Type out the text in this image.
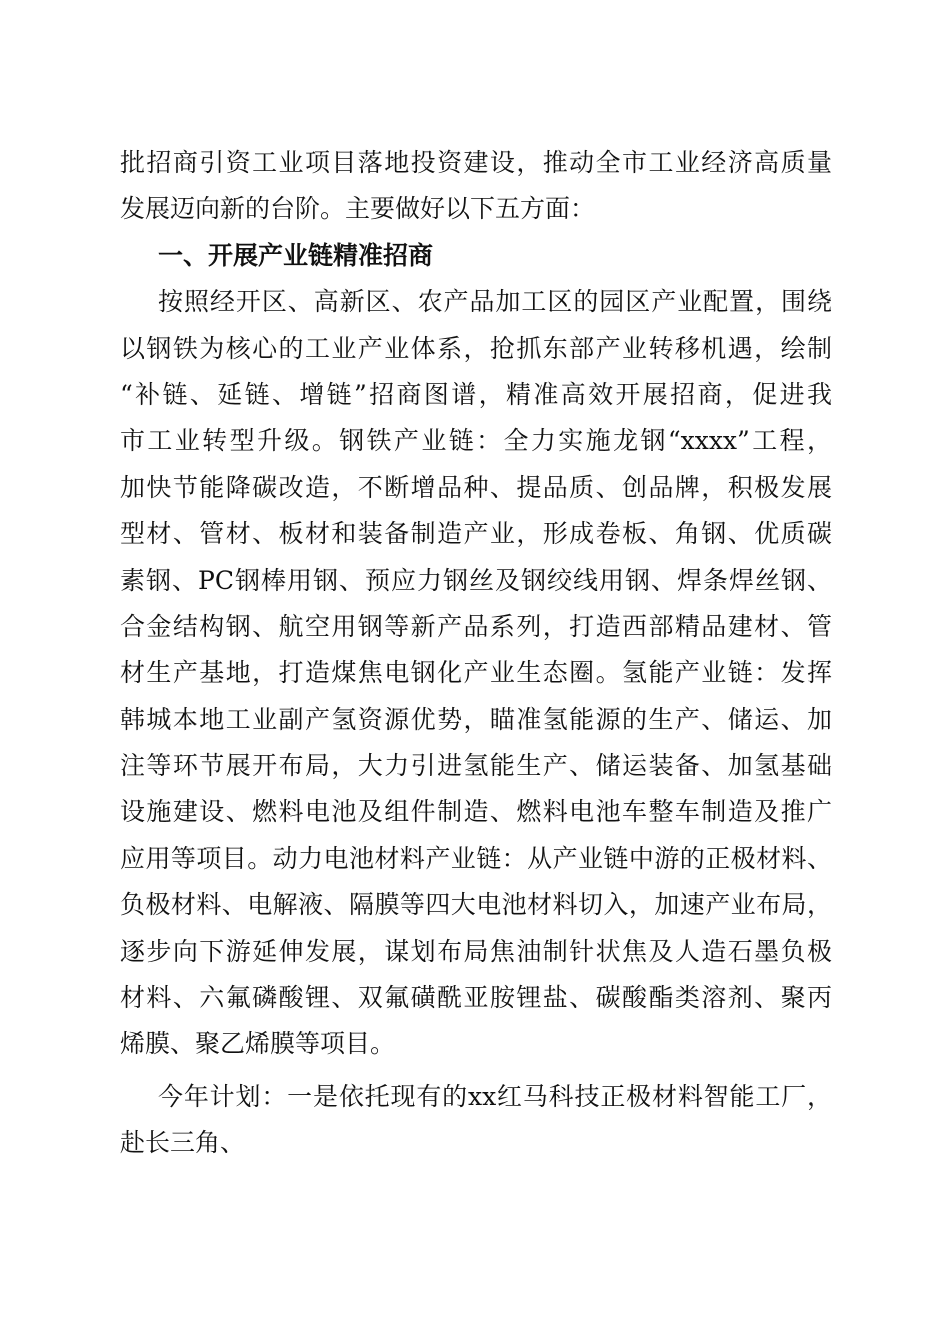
批招商引资工业项目落地投资建设，推动全市工业经济高质量
发展迈向新的台阶。主要做好以下五方面：
一、开展产业链精准招商
按照经开区、高新区、农产品加工区的园区产业配置，围绕
以钢铁为核心的工业产业体系，抢抓东部产业转移机遇，绘制
“补链、延链、增链”招商图谱，精准高效开展招商，促进我
市工业转型升级。钢铁产业链：全力实施龙钢“xxxx”工程，
加快节能降碳改造，不断增品种、提品质、创品牌，积极发展
型材、管材、板材和装备制造产业，形成卷板、角钢、优质碳
素钢、PC钢棒用钢、预应力钢丝及钢绞线用钢、焊条焊丝钢、
合金结构钢、航空用钢等新产品系列，打造西部精品建材、管
材生产基地，打造煤焦电钢化产业生态圈。氢能产业链：发挥
韩城本地工业副产氢资源优势，瞄准氢能源的生产、储运、加
注等环节展开布局，大力引进氢能生产、储运装备、加氢基础
设施建设、燃料电池及组件制造、燃料电池车整车制造及推广
应用等项目。动力电池材料产业链：从产业链中游的正极材料、
负极材料、电解液、隔膜等四大电池材料切入，加速产业布局，
逐步向下游延伸发展，谋划布局焦油制针状焦及人造石墨负极
材料、六氟磷酸锂、双氟磺酰亚胺锂盐、碳酸酯类溶剂、聚丙
烯膜、聚乙烯膜等项目。
今年计划：一是依托现有的xx红马科技正极材料智能工厂，
赴长三角、
